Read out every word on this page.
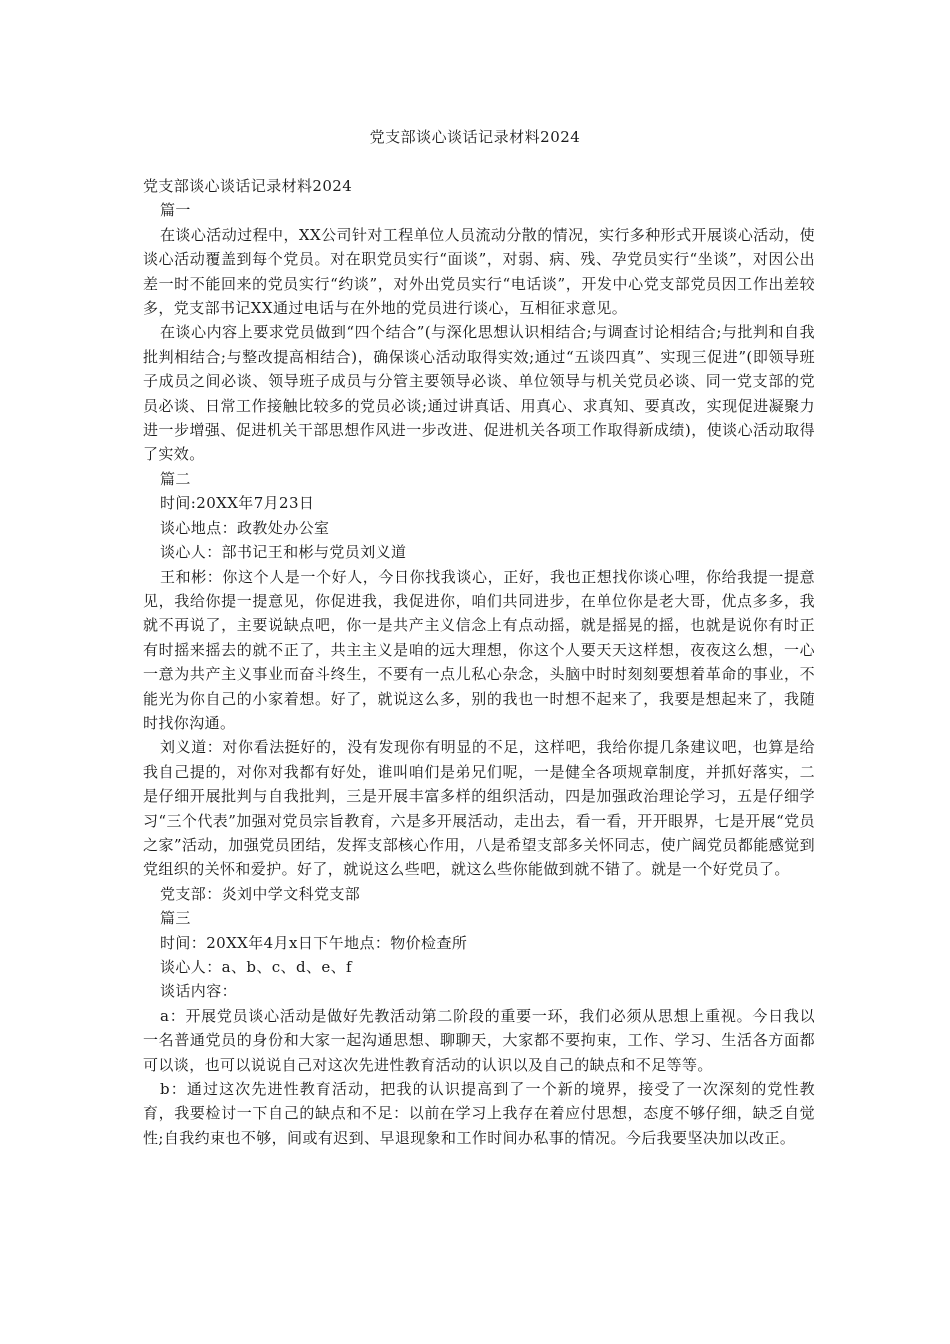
党支部谈心谈话记录材料2024

党支部谈心谈话记录材料2024

篇一

在谈心活动过程中，XX公司针对工程单位人员流动分散的情况，实行多种形式开展谈心活动，使谈心活动覆盖到每个党员。对在职党员实行“面谈”，对弱、病、残、孕党员实行“坐谈”，对因公出差一时不能回来的党员实行“约谈”，对外出党员实行“电话谈”，开发中心党支部党员因工作出差较多，党支部书记XX通过电话与在外地的党员进行谈心，互相征求意见。

在谈心内容上要求党员做到“四个结合”(与深化思想认识相结合;与调查讨论相结合;与批判和自我批判相结合;与整改提高相结合)，确保谈心活动取得实效;通过“五谈四真”、实现三促进”(即领导班子成员之间必谈、领导班子成员与分管主要领导必谈、单位领导与机关党员必谈、同一党支部的党员必谈、日常工作接触比较多的党员必谈;通过讲真话、用真心、求真知、要真改，实现促进凝聚力进一步增强、促进机关干部思想作风进一步改进、促进机关各项工作取得新成绩)，使谈心活动取得了实效。

篇二

时间:20XX年7月23日

谈心地点：政教处办公室

谈心人：部书记王和彬与党员刘义道

王和彬：你这个人是一个好人，今日你找我谈心，正好，我也正想找你谈心哩，你给我提一提意见，我给你提一提意见，你促进我，我促进你，咱们共同进步，在单位你是老大哥，优点多多，我就不再说了，主要说缺点吧，你一是共产主义信念上有点动摇，就是摇晃的摇，也就是说你有时正有时摇来摇去的就不正了，共主主义是咱的远大理想，你这个人要天天这样想，夜夜这么想，一心一意为共产主义事业而奋斗终生，不要有一点儿私心杂念，头脑中时时刻刻要想着革命的事业，不能光为你自己的小家着想。好了，就说这么多，别的我也一时想不起来了，我要是想起来了，我随时找你沟通。

刘义道：对你看法挺好的，没有发现你有明显的不足，这样吧，我给你提几条建议吧，也算是给我自己提的，对你对我都有好处，谁叫咱们是弟兄们呢，一是健全各项规章制度，并抓好落实，二是仔细开展批判与自我批判，三是开展丰富多样的组织活动，四是加强政治理论学习，五是仔细学习“三个代表”加强对党员宗旨教育，六是多开展活动，走出去，看一看，开开眼界，七是开展“党员之家”活动，加强党员团结，发挥支部核心作用，八是希望支部多关怀同志，使广阔党员都能感觉到党组织的关怀和爱护。好了，就说这么些吧，就这么些你能做到就不错了。就是一个好党员了。

党支部：炎刘中学文科党支部

篇三

时间：20XX年4月x日下午地点：物价检查所

谈心人：a、b、c、d、e、f

谈话内容：

a：开展党员谈心活动是做好先教活动第二阶段的重要一环，我们必须从思想上重视。今日我以一名普通党员的身份和大家一起沟通思想、聊聊天，大家都不要拘束，工作、学习、生活各方面都可以谈，也可以说说自己对这次先进性教育活动的认识以及自己的缺点和不足等等。

b：通过这次先进性教育活动，把我的认识提高到了一个新的境界，接受了一次深刻的党性教育，我要检讨一下自己的缺点和不足：以前在学习上我存在着应付思想，态度不够仔细，缺乏自觉性;自我约束也不够，间或有迟到、早退现象和工作时间办私事的情况。今后我要坚决加以改正。
